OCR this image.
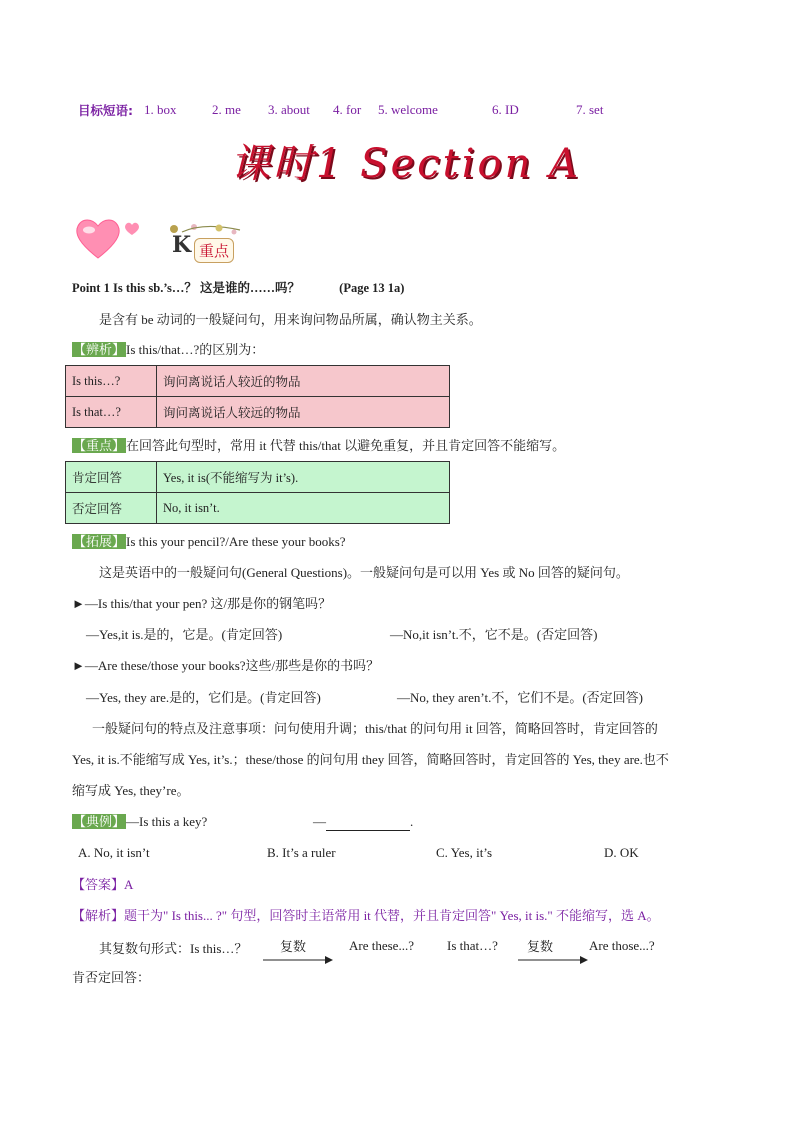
目标短语: 1. box	2. me 3. about 4. for 5. welcome	6. ID	7. set
课时1 Section A
K 重点
Point 1 Is this sb.’s…？ 这是谁的……吗？	(Page 13 1a)
是含有 be 动词的一般疑问句，用来询问物品所属，确认物主关系。
【辨析】Is this/that…?的区别为：
Is this…?	询问离说话人较近的物品
Is that…?	询问离说话人较远的物品
【重点】在回答此句型时，常用 it 代替 this/that 以避免重复，并且肯定回答不能缩写。
肯定回答	Yes, it is(不能缩写为 it’s).
否定回答	No, it isn’t.
【拓展】Is this your pencil?/Are these your books?
这是英语中的一般疑问句(General Questions)。一般疑问句是可以用 Yes 或 No 回答的疑问句。
►—Is this/that your pen? 这/那是你的钢笔吗？
—Yes,it is.是的，它是。(肯定回答)	—No,it isn’t.不，它不是。(否定回答)
►—Are these/those your books?这些/那些是你的书吗？
—Yes, they are.是的，它们是。(肯定回答)	—No, they aren’t.不，它们不是。(否定回答)
一般疑问句的特点及注意事项：问句使用升调；this/that 的问句用 it 回答，简略回答时，肯定回答的
Yes, it is.不能缩写成 Yes, it’s.；these/those 的问句用 they 回答，简略回答时，肯定回答的 Yes, they are.也不
缩写成 Yes, they’re。
【典例】—Is this a key?	—	.
A. No, it isn’t	B. It’s a ruler	C. Yes, it’s	D. OK
【答案】A
【解析】题干为" Is this... ?" 句型，回答时主语常用 it 代替，并且肯定回答" Yes, it is." 不能缩写，选 A。
其复数句形式：Is this…？	复数	Are these...?	Is that…? 复数	Are those...?
肯否定回答：
